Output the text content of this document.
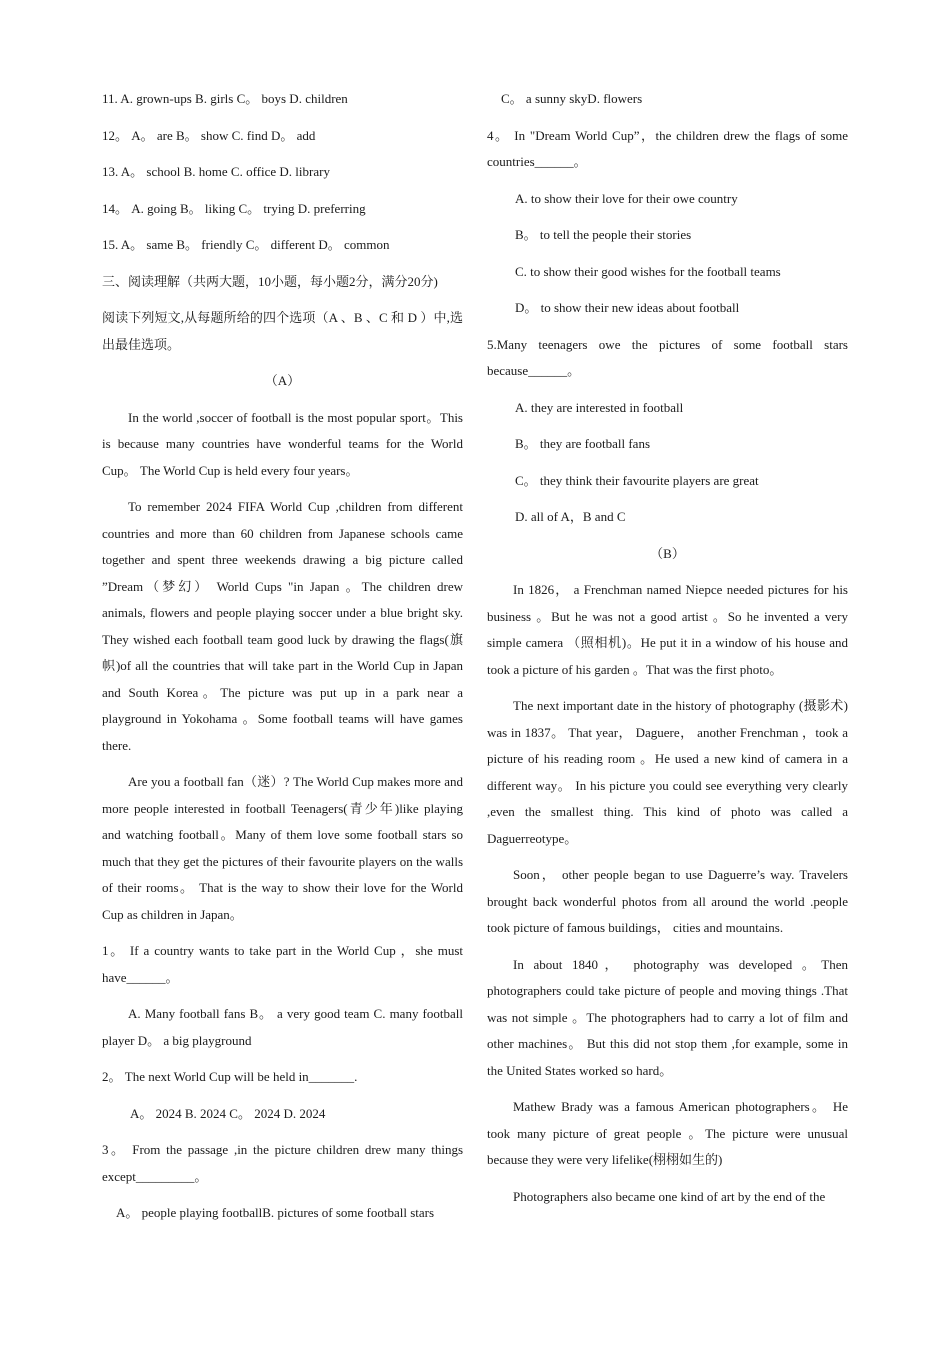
11. A. grown-ups B. girls C。 boys D. children

12。 A。 are B。 show C. find D。 add

13. A。 school B. home C. office D. library

14。 A. going B。 liking C。 trying D. preferring

15. A。 same B。 friendly C。 different D。 common

三、阅读理解（共两大题，10小题，每小题2分，满分20分)

阅读下列短文,从每题所给的四个选项（A 、B 、C 和 D ）中,选出最佳选项。

（A）

In the world ,soccer of football is the most popular sport。This is because many countries have wonderful teams for the World Cup。 The World Cup is held every four years。

To remember 2024 FIFA World Cup ,children from different countries and more than 60 children from Japanese schools came together and spent three weekends drawing a big picture called ”Dream（梦幻） World Cups "in Japan 。The children drew animals, flowers and people playing soccer under a blue bright sky. They wished each football team good luck by drawing the flags(旗帜)of all the countries that will take part in the World Cup in Japan and South Korea。The picture was put up in a park near a playground in Yokohama 。Some football teams will have games there.

Are you a football fan（迷）? The World Cup makes more and more people interested in football Teenagers(青少年)like playing and watching football。Many of them love some football stars so much that they get the pictures of their favourite players on the walls of their rooms。 That is the way to show their love for the World Cup as children in Japan。

1。 If a country wants to take part in the World Cup ，she must have______。

A. Many football fans B。 a very good team C. many football player D。 a big playground

2。 The next World Cup will be held in_______.

A。 2024 B. 2024 C。 2024 D. 2024

3。 From the passage ,in the picture children drew many things except_________。

A。 people playing footballB. pictures of some football stars

C。 a sunny skyD. flowers

4。 In "Dream World Cup”，the children drew the flags of some countries______。

A. to show their love for their owe country

B。 to tell the people their stories

C. to show their good wishes for the football teams

D。 to show their new ideas about football

5.Many teenagers owe the pictures of some football stars because______。

A. they are interested in football

B。 they are football fans

C。 they think their favourite players are great

D. all of A，B and C

（B）

In 1826， a Frenchman named Niepce needed pictures for his business 。But he was not a good artist 。So he invented a very simple camera （照相机)。He put it in a window of his house and took a picture of his garden 。That was the first photo。

The next important date in the history of photography (摄影术) was in 1837。 That year， Daguere， another Frenchman ，took a picture of his reading room 。He used a new kind of camera in a different way。 In his picture you could see everything very clearly ,even the smallest thing. This kind of photo was called a Daguerreotype。

Soon， other people began to use Daguerre’s way. Travelers brought back wonderful photos from all around the world .people took picture of famous buildings， cities and mountains.

In about 1840， photography was developed 。Then photographers could take picture of people and moving things .That was not simple 。The photographers had to carry a lot of film and other machines。 But this did not stop them ,for example, some in the United States worked so hard。

Mathew Brady was a famous American photographers。 He took many picture of great people 。The picture were unusual because they were very lifelike(栩栩如生的)

Photographers also became one kind of art by the end of the
